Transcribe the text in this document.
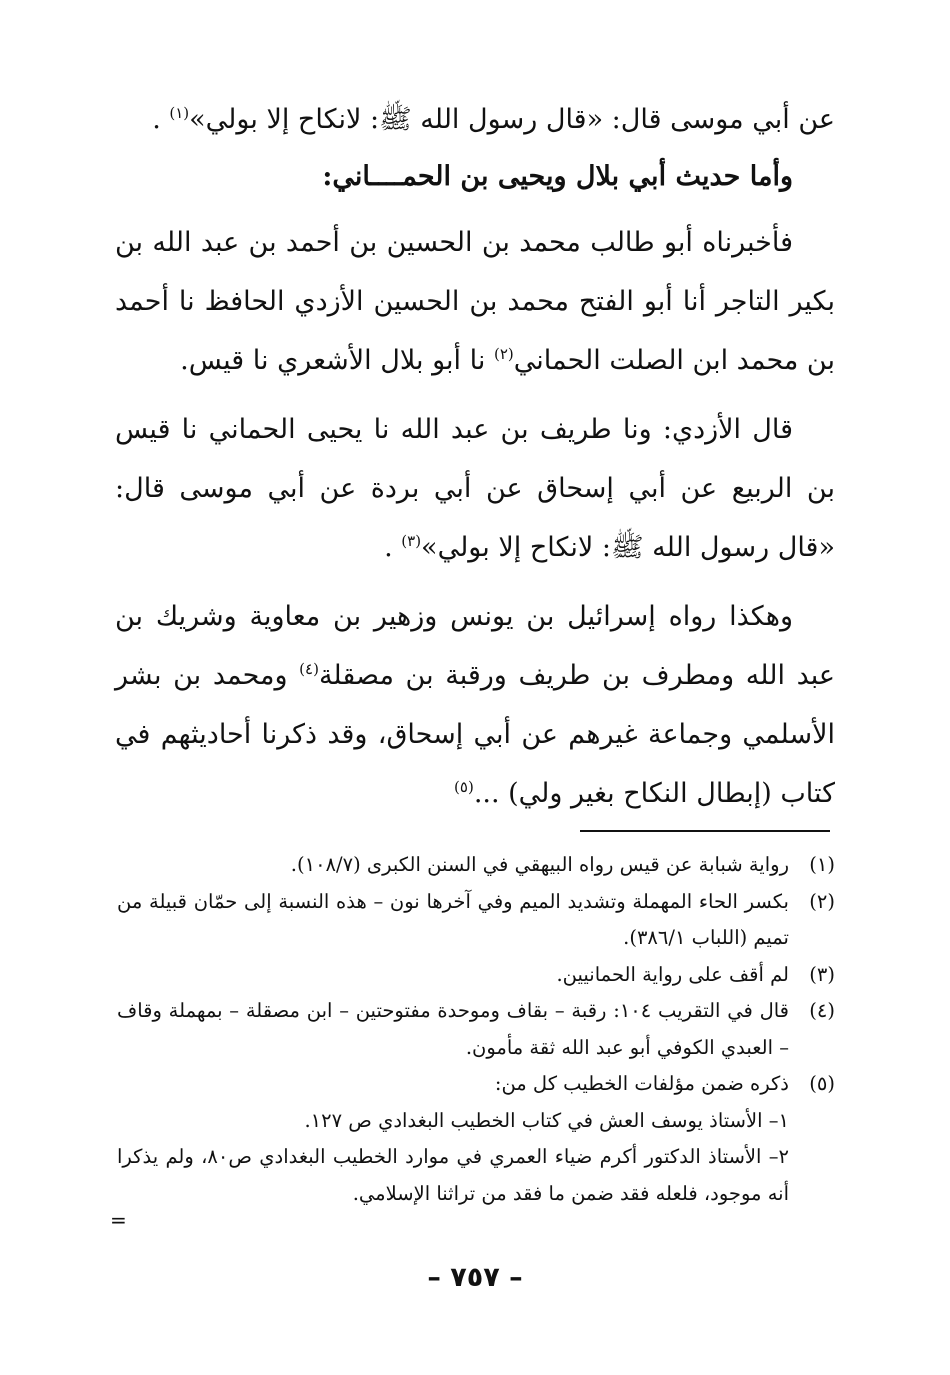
عن أبي موسى قال: «قال رسول الله ﷺ: لانكاح إلا بولي»$^{(١)}$ .

وأما حديث أبي بلال ويحيى بن الحمــــاني:

فأخبرناه أبو طالب محمد بن الحسين بن أحمد بن عبد الله بن بكير التاجر أنا أبو الفتح محمد بن الحسين الأزدي الحافظ نا أحمد بن محمد ابن الصلت الحماني$^{(٢)}$ نا أبو بلال الأشعري نا قيس.

قال الأزدي: ونا طريف بن عبد الله نا يحيى الحماني نا قيس بن الربيع عن أبي إسحاق عن أبي بردة عن أبي موسى قال: «قال رسول الله ﷺ: لانكاح إلا بولي»$^{(٣)}$ .

وهكذا رواه إسرائيل بن يونس وزهير بن معاوية وشريك بن عبد الله ومطرف بن طريف ورقبة بن مصقلة$^{(٤)}$ ومحمد بن بشر الأسلمي وجماعة غيرهم عن أبي إسحاق، وقد ذكرنا أحاديثهم في كتاب (إبطال النكاح بغير ولي) ...$^{(٥)}$

(١)
رواية شبابة عن قيس رواه البيهقي في السنن الكبرى (١٠٨/٧).
(٢)
بكسر الحاء المهملة وتشديد الميم وفي آخرها نون – هذه النسبة إلى حمّان قبيلة من تميم (اللباب ٣٨٦/١).
(٣)
لم أقف على رواية الحمانيين.
(٤)
قال في التقريب ١٠٤: رقبة – بقاف وموحدة مفتوحتين – ابن مصقلة – بمهملة وقاف – العبدي الكوفي أبو عبد الله ثقة مأمون.
(٥)
ذكره ضمن مؤلفات الخطيب كل من:
١– الأستاذ يوسف العش في كتاب الخطيب البغدادي ص ١٢٧.
٢– الأستاذ الدكتور أكرم ضياء العمري في موارد الخطيب البغدادي ص٨٠، ولم يذكرا أنه موجود، فلعله فقد ضمن ما فقد من تراثنا الإسلامي.
=
– ٧٥٧ –
